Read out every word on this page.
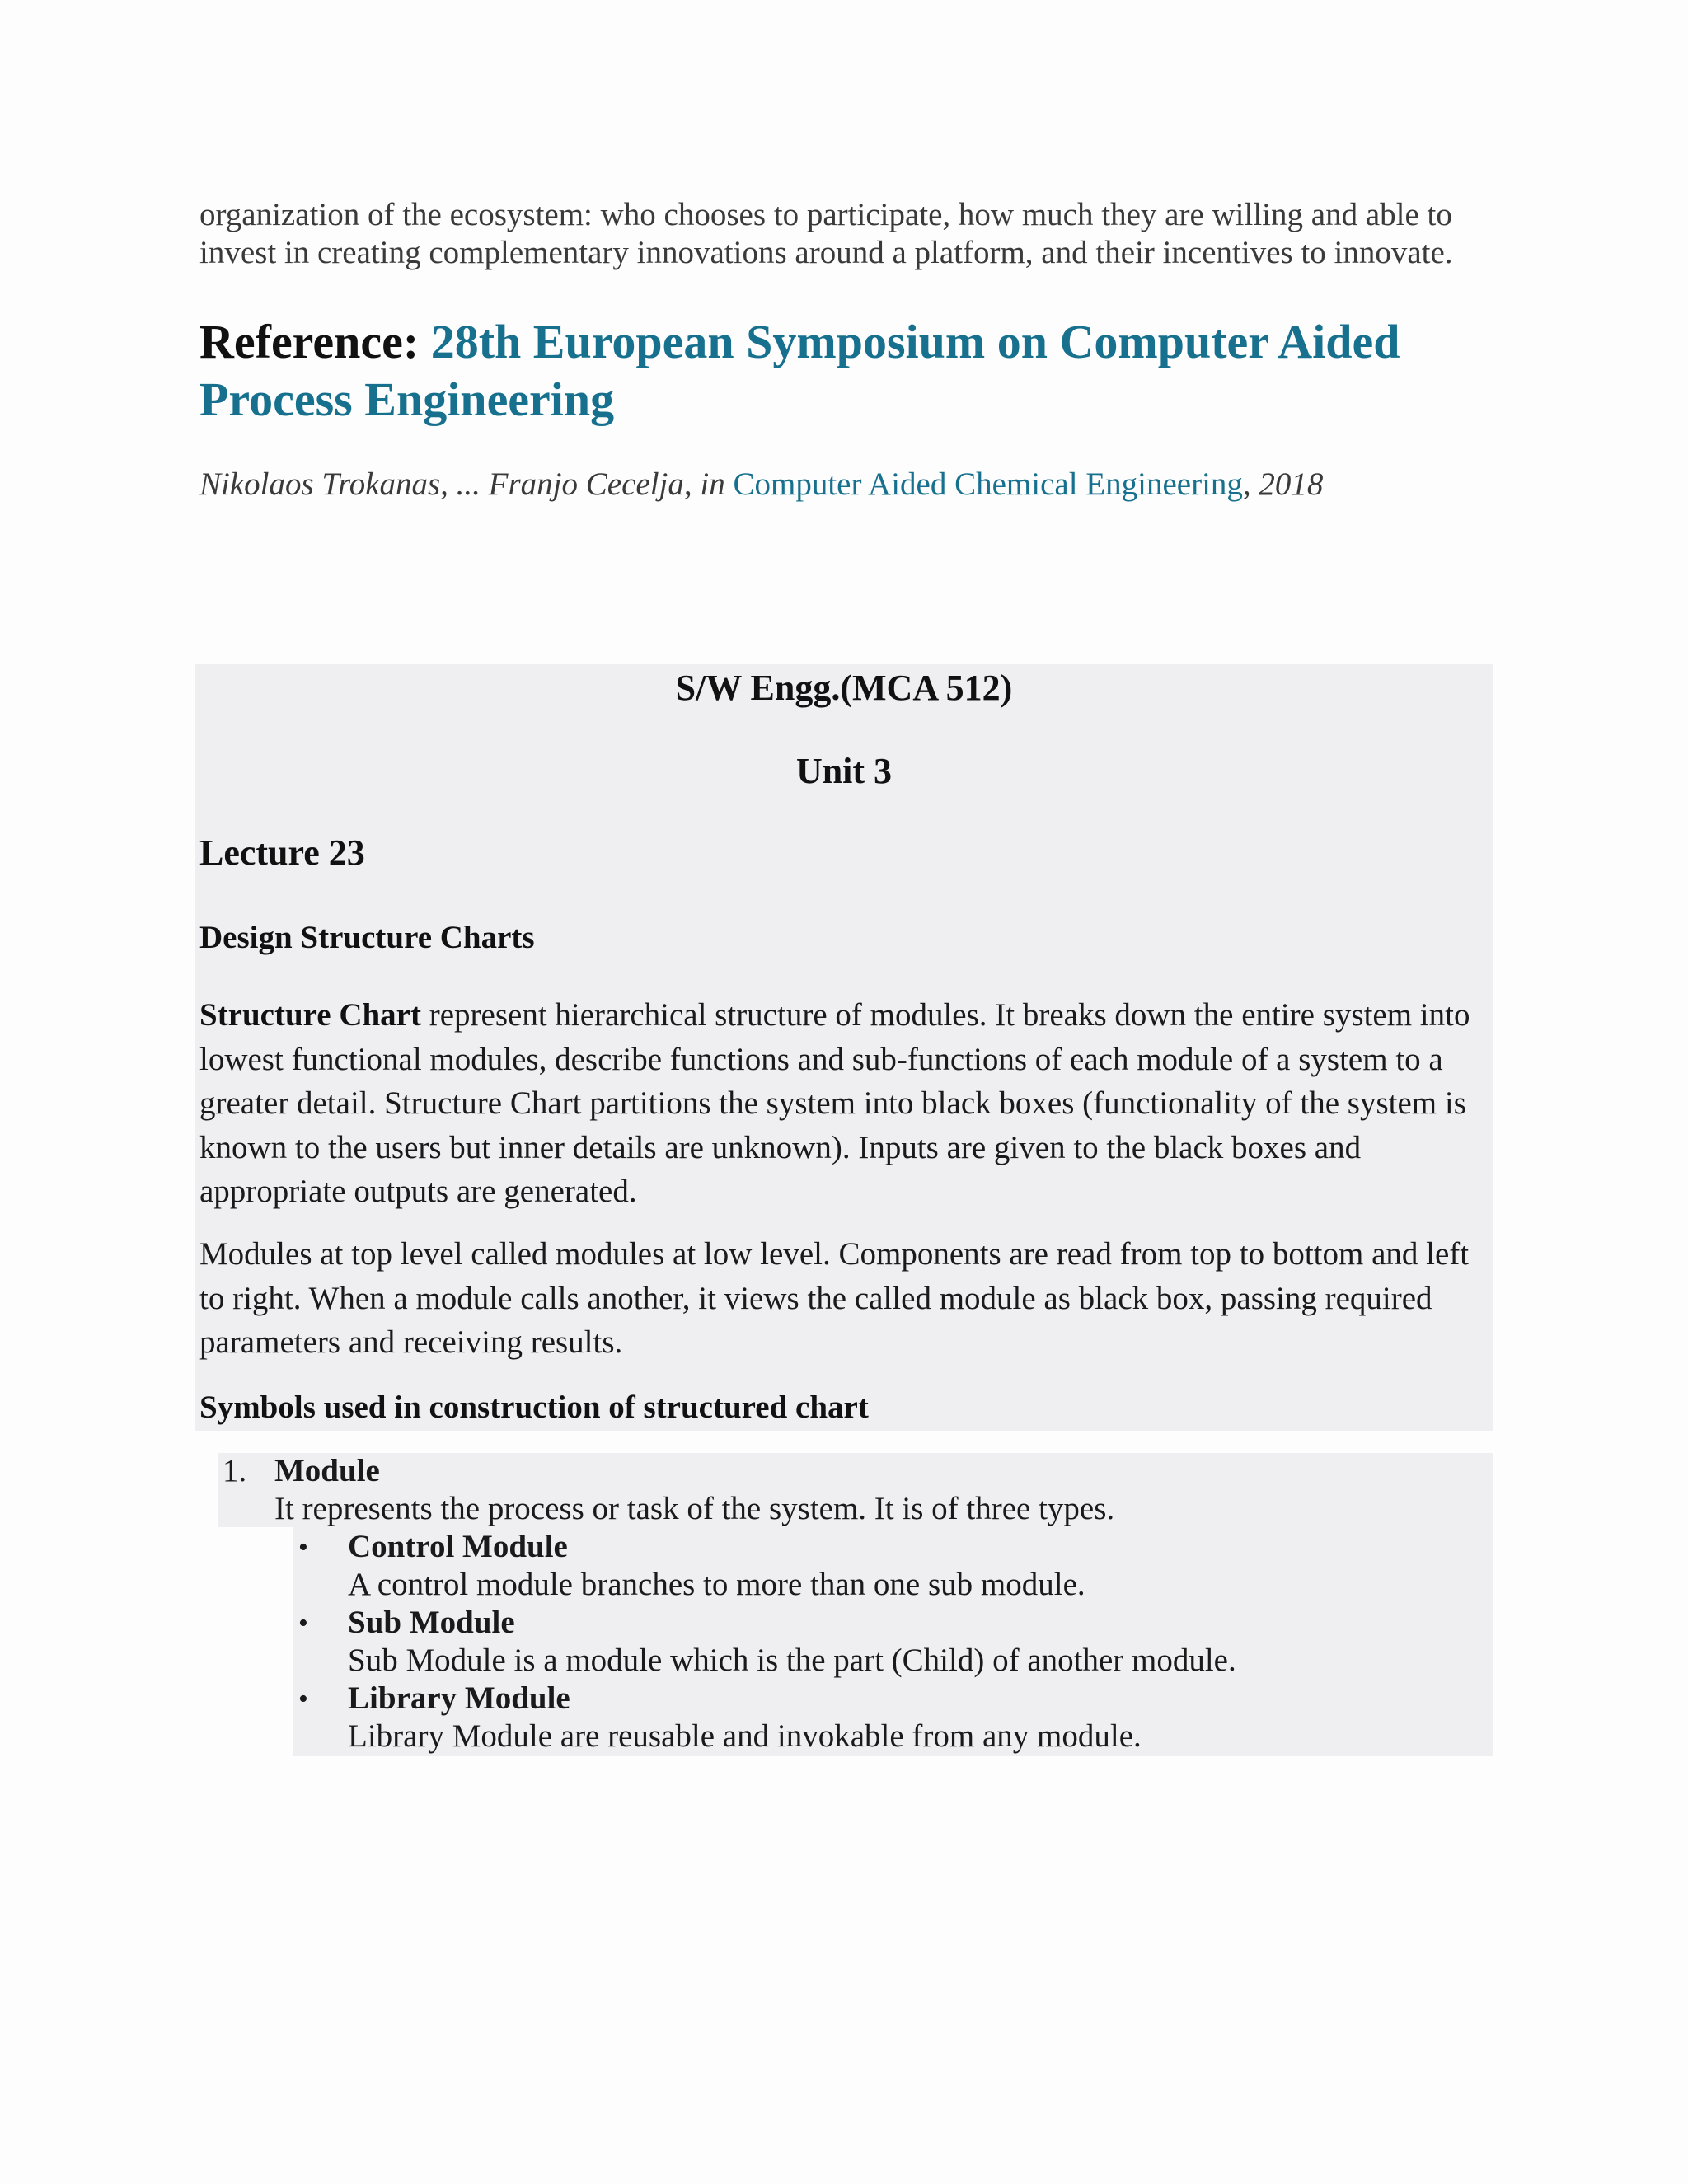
organization of the ecosystem: who chooses to participate, how much they are willing and able to

invest in creating complementary innovations around a platform, and their incentives to innovate.

Reference: 28th European Symposium on Computer Aided
Process Engineering
Nikolaos Trokanas, ... Franjo Cecelja, in Computer Aided Chemical Engineering, 2018
S/W Engg.(MCA 512)
Unit 3
Lecture 23
Design Structure Charts

Structure Chart represent hierarchical structure of modules. It breaks down the entire system into

lowest functional modules, describe functions and sub-functions of each module of a system to a

greater detail. Structure Chart partitions the system into black boxes (functionality of the system is

known to the users but inner details are unknown). Inputs are given to the black boxes and

appropriate outputs are generated.

Modules at top level called modules at low level. Components are read from top to bottom and left

to right. When a module calls another, it views the called module as black box, passing required

parameters and receiving results.

Symbols used in construction of structured chart
1. Module
It represents the process or task of the system. It is of three types.
• Control Module
A control module branches to more than one sub module.
• Sub Module
Sub Module is a module which is the part (Child) of another module.
• Library Module
Library Module are reusable and invokable from any module.
